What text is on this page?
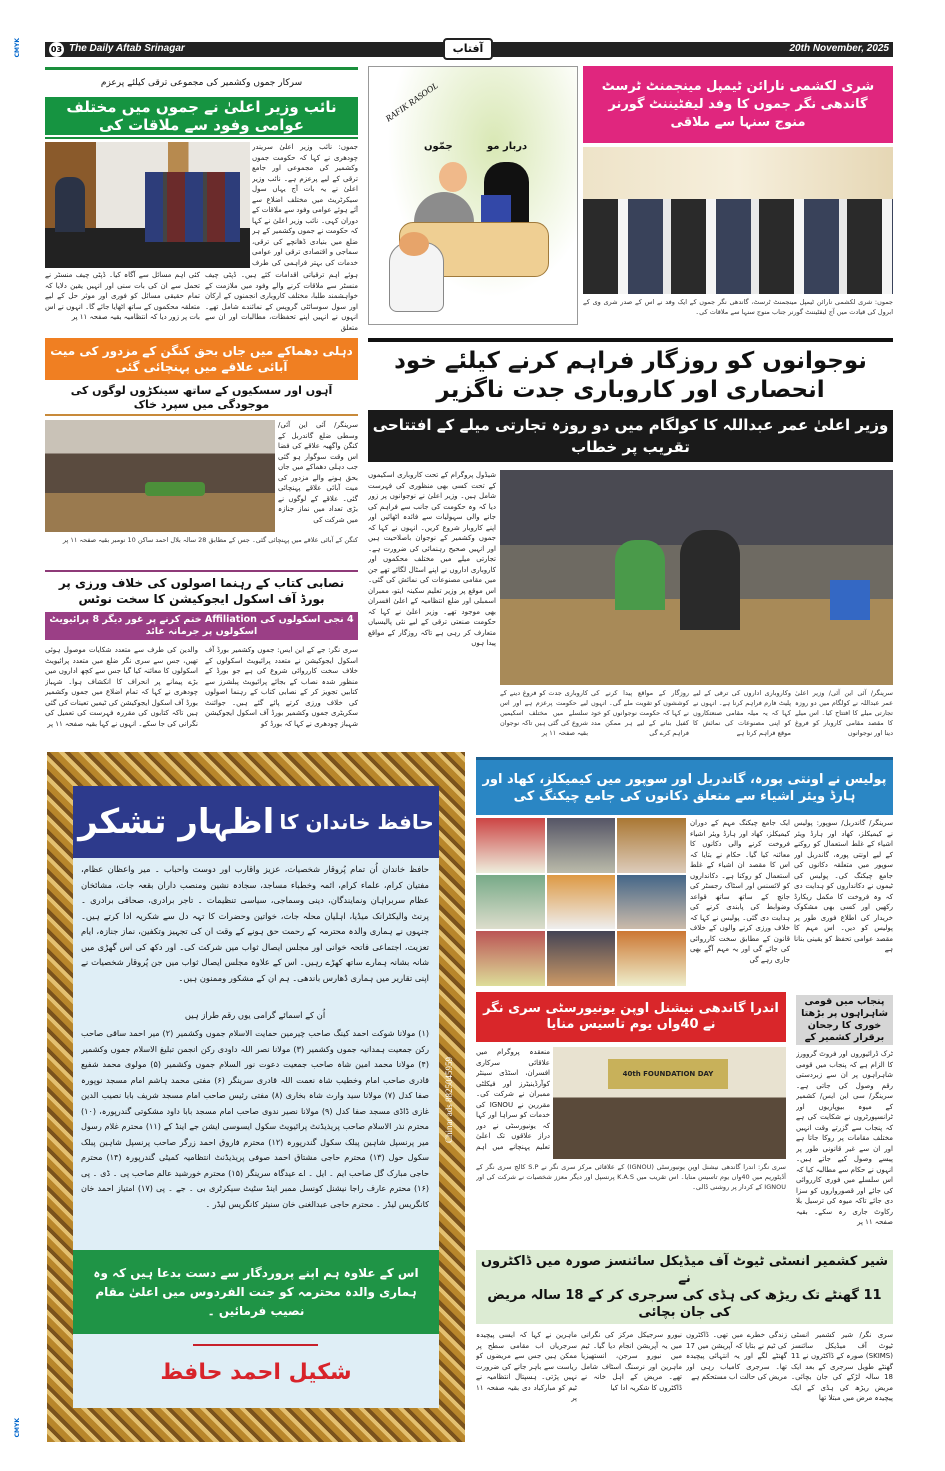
CMYK
CMYK
03 The Daily Aftab Srinagar	20th November, 2025
آفتاب
سرکار جموں وکشمیر کی مجموعی ترقی کیلئے پرعزم
نائب وزیر اعلیٰ نے جموں میں مختلف عوامی وفود سے ملاقات کی
جموں: نائب وزیر اعلیٰ سریندر چودھری نے کہا کہ حکومت جموں وکشمیر کی مجموعی اور جامع ترقی کے لیے پرعزم ہے۔ نائب وزیر اعلیٰ نے یہ بات آج یہاں سول سیکرٹریٹ میں مختلف اضلاع سے آئے ہوئے عوامی وفود سے ملاقات کے دوران کہی۔ نائب وزیر اعلیٰ نے کہا کہ حکومت نے جموں وکشمیر کے ہر ضلع میں بنیادی ڈھانچے کی ترقی، سماجی و اقتصادی ترقی اور عوامی خدمات کی بہتر فراہمی کی طرف
ہوئے اہم ترقیاتی اقدامات کئے ہیں۔ ڈپٹی چیف منسٹر سے ملاقات کرنے والے وفود میں ملازمت کے خواہشمند طلبا، مختلف کاروباری انجمنوں کے ارکان اور سول سوسائٹی گروپس کے نمائندے شامل تھے۔ انہوں نے انہیں اپنے تحفظات، مطالبات اور ان سے متعلق
کئی اہم مسائل سے آگاہ کیا۔ ڈپٹی چیف منسٹر نے تحمل سے ان کی بات سنی اور انہیں یقین دلایا کہ تمام حقیقی مسائل کو فوری اور موثر حل کے لیے متعلقہ محکموں کے ساتھ اٹھایا جائے گا۔ انہوں نے اس بات پر زور دیا کہ انتظامیہ بقیہ صفحہ ۱۱ پر
RAFIK RASOOL
جمّوں	دربار مو
شری لکشمی نارائن ٹیمپل مینجمنٹ ٹرسٹ گاندھی نگر جموں کا وفد لیفٹیننٹ گورنر منوج سنہا سے ملاقی
جموں: شری لکشمی نارائن ٹیمپل مینجمنٹ ٹرسٹ، گاندھی نگر جموں کے ایک وفد نے اس کے صدر شری وی کے ابرول کی قیادت میں آج لیفٹیننٹ گورنر جناب منوج سنہا سے ملاقات کی۔
دہلی دھماکے میں جاں بحق کنگن کے مزدور کی میت آبائی علاقے میں پہنچائی گئی
آہوں اور سسکیوں کے ساتھ سینکڑوں لوگوں کی موجودگی میں سپرد خاک
سرینگر/ آئی این آئی/ وسطی ضلع گاندربل کے کنگن واگھیہ علاقے کی فضا اس وقت سوگوار ہو گئی جب دہلی دھماکے میں جاں بحق ہونے والے مزدور کی میت آبائی علاقے پہنچائی گئی۔ علاقے کے لوگوں نے بڑی تعداد میں نماز جنازہ میں شرکت کی
کنگن کے آبائی علاقے میں پہنچائی گئی۔ جس کے مطابق 28 سالہ بلال احمد ساکن 10 نومبر بقیہ صفحہ ۱۱ پر
نصابی کتاب کے رہنما اصولوں کی خلاف ورزی پر بورڈ آف اسکول ایجوکیشن کا سخت نوٹس
4 نجی اسکولوں کی Affiliation ختم کرنے پر غور دیگر 8 پرائیویٹ اسکولوں پر جرمانہ عائد
سری نگر: جے کے این ایس: جموں وکشمیر بورڈ آف اسکول ایجوکیشن نے متعدد پرائیویٹ اسکولوں کے خلاف سخت کارروائی شروع کی ہے جو بورڈ کے منظور شدہ نصاب کے بجائے پرائیویٹ پبلشرز سے کتابیں تجویز کر کے نصابی کتاب کے رہنما اصولوں کی خلاف ورزی کرتے پائے گئے ہیں۔ جوائنٹ سکریٹری جموں وکشمیر بورڈ آف اسکول ایجوکیشن شہباز چودھری نے کہا کہ بورڈ کو
والدین کی طرف سے متعدد شکایات موصول ہوئی تھیں، جس سے سری نگر ضلع میں متعدد پرائیویٹ اسکولوں کا معائنہ کیا گیا جس سے کچھ اداروں میں بڑے پیمانے پر انحراف کا انکشاف ہوا۔ شہباز چودھری نے کہا کہ تمام اضلاع میں جموں وکشمیر بورڈ آف اسکول ایجوکیشن کی ٹیمیں تعینات کی گئی ہیں تاکہ کتابوں کی مقررہ فہرست کی تعمیل کی نگرانی کی جا سکے۔ انہوں نے کہا بقیہ صفحہ ۱۱ پر
نوجوانوں کو روزگار فراہم کرنے کیلئے خود انحصاری اور کاروباری جدت ناگزیر
وزیر اعلیٰ عمر عبداللہ کا کولگام میں دو روزہ تجارتی میلے کے افتتاحی تقریب پر خطاب
شیڈول پروگرام کے تحت کاروباری اسکیموں کے تحت کسی بھی منظوری کی فہرست شامل ہیں۔ وزیر اعلیٰ نے نوجوانوں پر زور دیا کہ وہ حکومت کی جانب سے فراہم کی جانے والی سہولیات سے فائدہ اٹھائیں اور اپنے کاروبار شروع کریں۔ انہوں نے کہا کہ جموں وکشمیر کے نوجوان باصلاحیت ہیں اور انہیں صحیح رہنمائی کی ضرورت ہے۔ تجارتی میلے میں مختلف محکموں اور کاروباری اداروں نے اپنے اسٹال لگائے تھے جن میں مقامی مصنوعات کی نمائش کی گئی۔ اس موقع پر وزیر تعلیم سکینہ ایتو، ممبران اسمبلی اور ضلع انتظامیہ کے اعلیٰ افسران بھی موجود تھے۔ وزیر اعلیٰ نے کہا کہ حکومت صنعتی ترقی کے لیے نئی پالیسیاں متعارف کر رہی ہے تاکہ روزگار کے مواقع پیدا ہوں
سرینگر/ آئی این آئی/ وزیر اعلیٰ عمر عبداللہ نے کولگام میں دو روزہ تجارتی میلے کا افتتاح کیا۔ اس میلے کا مقصد مقامی کاروبار کو فروغ دینا اور نوجوانوں
وکاروباری اداروں کی ترقی کے لیے پلیٹ فارم فراہم کرنا ہے۔ انہوں نے کہا کہ یہ میلہ مقامی صنعتکاروں کو اپنی مصنوعات کی نمائش کا موقع فراہم کرتا ہے
روزگار کے مواقع پیدا کرنے کی کوششوں کو تقویت ملے گی۔ انہوں نے کہا کہ حکومت نوجوانوں کو خود کفیل بنانے کے لیے ہر ممکن مدد فراہم کرے گی
کاروباری جدت کو فروغ دینے کے لیے حکومت پرعزم ہے اور اس سلسلے میں مختلف اسکیمیں شروع کی گئی ہیں تاکہ نوجوان بقیہ صفحہ ۱۱ پر
حافظ خاندان کا اظہار تشکر
حافظ خاندان اُن تمام پُروقار شخصیات، عزیز واقارب اور دوست واحباب ۔ میر واعظان عظام، مفتیان کرام، علماء کرام، ائمہ وخطباء مساجد، سجادہ نشین ومنصب داران بقعہ جات، مشائخان عظام سربراہان ونمایندگان، دینی وسماجی، سیاسی تنظیمات ۔ تاجر برادری، صحافی برادری ۔ پرنٹ والیکٹرانک میڈیا، اہلیان محلہ جات، خواتین وحضرات کا تہہ دل سے شکریہ ادا کرتے ہیں۔ جنہوں نے ہماری والدہ محترمہ کے رحمت حق ہونے کے وقت ان کی تجہیز وتکفین، نماز جنازہ، ایام تعزیت، اجتماعی فاتحہ خوانی اور مجلس ایصال ثواب میں شرکت کی۔ اور دکھ کی اس گھڑی میں شانہ بشانہ ہمارے ساتھ کھڑے رہیں۔ اس کے علاوہ مجلس ایصال ثواب میں جن پُروقار شخصیات نے اپنی تقاریر میں ہماری ڈھارس باندھی۔ ہم ان کے مشکور وممنون ہیں۔
اُن کے اسمائے گرامی یوں رقم طراز ہیں
(۱) مولانا شوکت احمد کینگ صاحب چیرمین حمایت الاسلام جموں وکشمیر (۲) میر احمد ساقی صاحب رکن جمعیت ہمدانیہ جموں وکشمیر (۳) مولانا نصر اللہ داودی رکن انجمن تبلیغ الاسلام جموں وکشمیر (۴) مولانا محمد امین شاہ صاحب جمعیت دعوت نور السلام جموں وکشمیر (۵) مولوی محمد شفیع قادری صاحب امام وخطیب شاہ نعمت اللہ قادری سرینگر (۶) مفتی محمد ہاشم امام مسجد نوپورہ صفا کدل (۷) مولانا سید وارث شاہ بخاری (۸) مفتی رئیس صاحب امام مسجد شریف بابا نصیب الدین غازی ڈاڈی مسجد صفا کدل (۹) مولانا نصیر ندوی صاحب امام مسجد بابا داود مشکوتی گندرپورہ، (۱۰) محترم نذر الاسلام صاحب پریذیڈنٹ پرائیویٹ سکول ایسوسی ایشن جے اینڈ کے (۱۱) محترم غلام رسول میر پرنسپل شاہین پبلک سکول گندرپورہ (۱۲) محترم فاروق احمد زرگر صاحب پرنسپل شاہین پبلک سکول حول (۱۳) محترم حاجی مشتاق احمد صوفی پریذیڈنٹ انتظامیہ کمیٹی گندرپورہ (۱۴) محترم حاجی مبارک گل صاحب ایم ۔ ایل ۔ اے عیدگاہ سرینگر (۱۵) محترم خورشید عالم صاحب پی ۔ ڈی ۔ پی (۱۶) محترم عارف راجا نیشنل کونسل ممبر اینڈ سٹیٹ سیکرٹری بی ۔ جے ۔ پی (۱۷) امتیاز احمد خان کانگریس لیڈر ۔ محترم حاجی عبدالغنی خان سنیئر کانگریس لیڈر ۔
اس کے علاوہ ہم اپنے پروردگار سے دست بدعا ہیں کہ وہ ہماری والدہ محترمہ کو جنت الفردوس میں اعلیٰ مقام نصیب فرمائیں ۔
شکیل احمد حافظ
Chinar ads 8825045959
پولیس نے اونتی پورہ، گاندربل اور سوپور میں کیمیکلز، کھاد اور ہارڈ ویئر اشیاء سے متعلق دکانوں کی جامع چیکنگ کی
سرینگر/ گاندربل/ سوپور: پولیس نے کیمیکلز، کھاد اور ہارڈ ویئر اشیاء کے غلط استعمال کو روکنے کے لیے اونتی پورہ، گاندربل اور سوپور میں متعلقہ دکانوں کی جامع چیکنگ کی۔ پولیس کی ٹیموں نے دکانداروں کو ہدایت دی کہ وہ فروخت کا مکمل ریکارڈ رکھیں اور کسی بھی مشکوک خریدار کی اطلاع فوری طور پر پولیس کو دیں۔ اس مہم کا مقصد عوامی تحفظ کو یقینی بنانا ہے
ایک جامع چیکنگ مہم کے دوران کیمیکلز، کھاد اور ہارڈ ویئر اشیاء فروخت کرنے والی دکانوں کا معائنہ کیا گیا۔ حکام نے بتایا کہ اس کا مقصد ان اشیاء کے غلط استعمال کو روکنا ہے۔ دکانداروں کو لائسنس اور اسٹاک رجسٹر کی جانچ کے ساتھ ساتھ قواعد وضوابط کی پابندی کرنے کی ہدایت دی گئی۔ پولیس نے کہا کہ خلاف ورزی کرنے والوں کے خلاف قانون کے مطابق سخت کارروائی کی جائے گی اور یہ مہم آگے بھی جاری رہے گی
اندرا گاندھی نیشنل اوپن یونیورسٹی سری نگر نے 40واں یوم تاسیس منایا
40th FOUNDATION DAY
منعقدہ پروگرام میں علاقائی سرکاری افسران، اسٹڈی سینٹر کوآرڈینیٹرز اور فیکلٹی ممبران نے شرکت کی۔ مقررین نے IGNOU کی خدمات کو سراہا اور کہا کہ یونیورسٹی نے دور دراز علاقوں تک اعلیٰ تعلیم پہنچانے میں اہم
سری نگر: اندرا گاندھی نیشنل اوپن یونیورسٹی (IGNOU) کے علاقائی مرکز سری نگر نے S.P کالج سری نگر کے آڈیٹوریم میں 40واں یوم تاسیس منایا۔ اس تقریب میں K.A.S پرنسپل اور دیگر معزز شخصیات نے شرکت کی اور IGNOU کے کردار پر روشنی ڈالی۔
پنجاب میں قومی شاہراہوں پر بڑھتا خوری کا رجحان برقرار کشمیر کے
ٹرک ڈرائیوروں اور فروٹ گروورز کا الزام ہے کہ پنجاب میں قومی شاہراہوں پر ان سے زبردستی رقم وصول کی جاتی ہے۔ سرینگر/ سی این ایس/ کشمیر کے میوہ بیوپاریوں اور ٹرانسپورٹروں نے شکایت کی ہے کہ پنجاب سے گزرتے وقت انہیں مختلف مقامات پر روکا جاتا ہے اور ان سے غیر قانونی طور پر پیسے وصول کیے جاتے ہیں۔ انہوں نے حکام سے مطالبہ کیا کہ اس سلسلے میں فوری کارروائی کی جائے اور قصورواروں کو سزا دی جائے تاکہ میوہ کی ترسیل بلا رکاوٹ جاری رہ سکے۔ بقیہ صفحہ ۱۱ پر
شیر کشمیر انسٹی ٹیوٹ آف میڈیکل سائنسز صورہ میں ڈاکٹروں نے
11 گھنٹے تک ریڑھ کی ہڈی کی سرجری کر کے 18 سالہ مریض کی جان بچائی
سری نگر/ شیر کشمیر انسٹی ٹیوٹ آف میڈیکل سائنسز (SKIMS) صورہ کے ڈاکٹروں نے 11 گھنٹے طویل سرجری کے بعد ایک 18 سالہ لڑکے کی جان بچائی۔ مریض ریڑھ کی ہڈی کے ایک پیچیدہ مرض میں مبتلا تھا
زندگی خطرے میں تھی۔ ڈاکٹروں کی ٹیم نے بتایا کہ آپریشن میں 17 گھنٹے لگے اور یہ انتہائی پیچیدہ تھا۔ سرجری کامیاب رہی اور مریض کی حالت اب مستحکم ہے
نیورو سرجیکل مرکز کی نگرانی میں یہ آپریشن انجام دیا گیا۔ ٹیم میں نیورو سرجن، انستھیزیا ماہرین اور نرسنگ اسٹاف شامل تھے۔ مریض کے اہل خانہ نے ڈاکٹروں کا شکریہ ادا کیا
ماہرین نے کہا کہ ایسی پیچیدہ سرجریاں اب مقامی سطح پر ممکن ہیں جس سے مریضوں کو ریاست سے باہر جانے کی ضرورت نہیں پڑتی۔ ہسپتال انتظامیہ نے ٹیم کو مبارکباد دی بقیہ صفحہ ۱۱ پر
